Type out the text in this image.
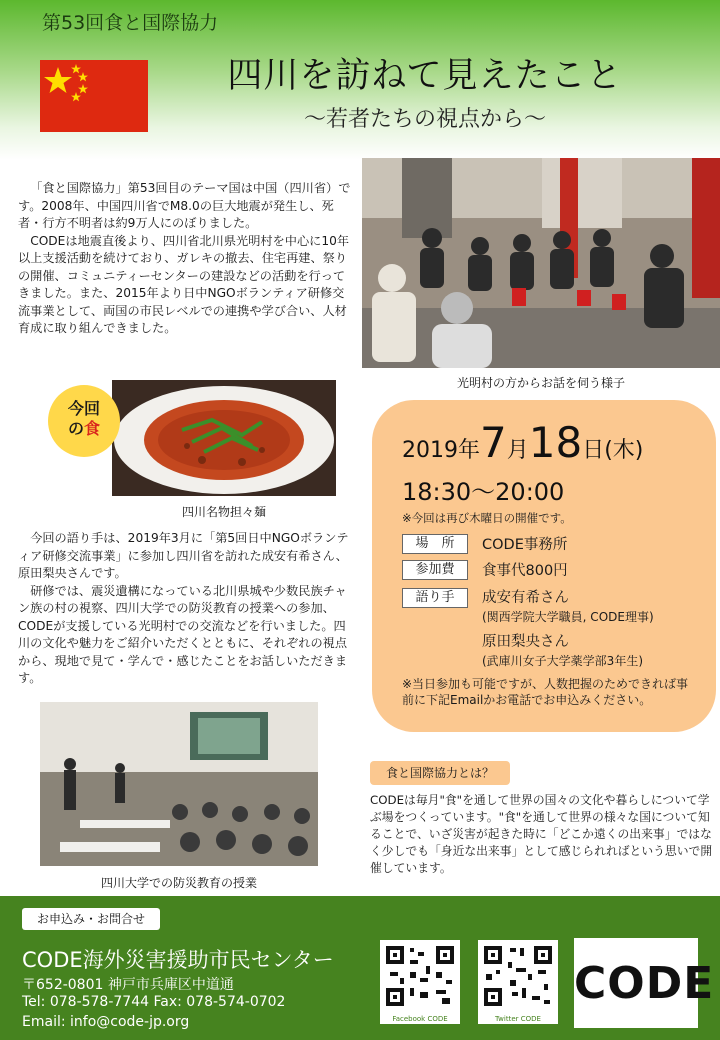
第53回食と国際協力
四川を訪ねて見えたこと
～若者たちの視点から～

「食と国際協力」第53回目のテーマ国は中国（四川省）です。2008年、中国四川省でM8.0の巨大地震が発生し、死者・行方不明者は約9万人にのぼりました。

CODEは地震直後より、四川省北川県光明村を中心に10年以上支援活動を続けており、ガレキの撤去、住宅再建、祭りの開催、コミュニティーセンターの建設などの活動を行ってきました。また、2015年より日中NGOボランティア研修交流事業として、両国の市民レベルでの連携や学び合い、人材育成に取り組んできました。

光明村の方からお話を伺う様子
今回
の食
四川名物担々麺

今回の語り手は、2019年3月に「第5回日中NGOボランティア研修交流事業」に参加し四川省を訪れた成安有希さん、原田梨央さんです。

研修では、震災遺構になっている北川県城や少数民族チャン族の村の視察、四川大学での防災教育の授業への参加、CODEが支援している光明村での交流などを行いました。四川の文化や魅力をご紹介いただくとともに、それぞれの視点から、現地で見て・学んで・感じたことをお話しいただきます。

四川大学での防災教育の授業
2019年7月18日(木)
18:30～20:00
※今回は再び木曜日の開催です。
場　所	CODE事務所
参加費	食事代800円
語り手	成安有希さん
(関西学院大学職員, CODE理事)
原田梨央さん
(武庫川女子大学薬学部3年生)
※当日参加も可能ですが、人数把握のためできれば事前に下記Emailかお電話でお申込みください。
食と国際協力とは？
CODEは毎月"食"を通して世界の国々の文化や暮らしについて学ぶ場をつくっています。"食"を通して世界の様々な国について知ることで、いざ災害が起きた時に「どこか遠くの出来事」ではなく少しでも「身近な出来事」として感じられればという思いで開催しています。
お申込み・お問合せ
CODE海外災害援助市民センター
〒652-0801 神戸市兵庫区中道通
Tel: 078-578-7744 Fax: 078-574-0702
Email: info@code-jp.org	Facebook CODE	Twitter CODE
CODE
